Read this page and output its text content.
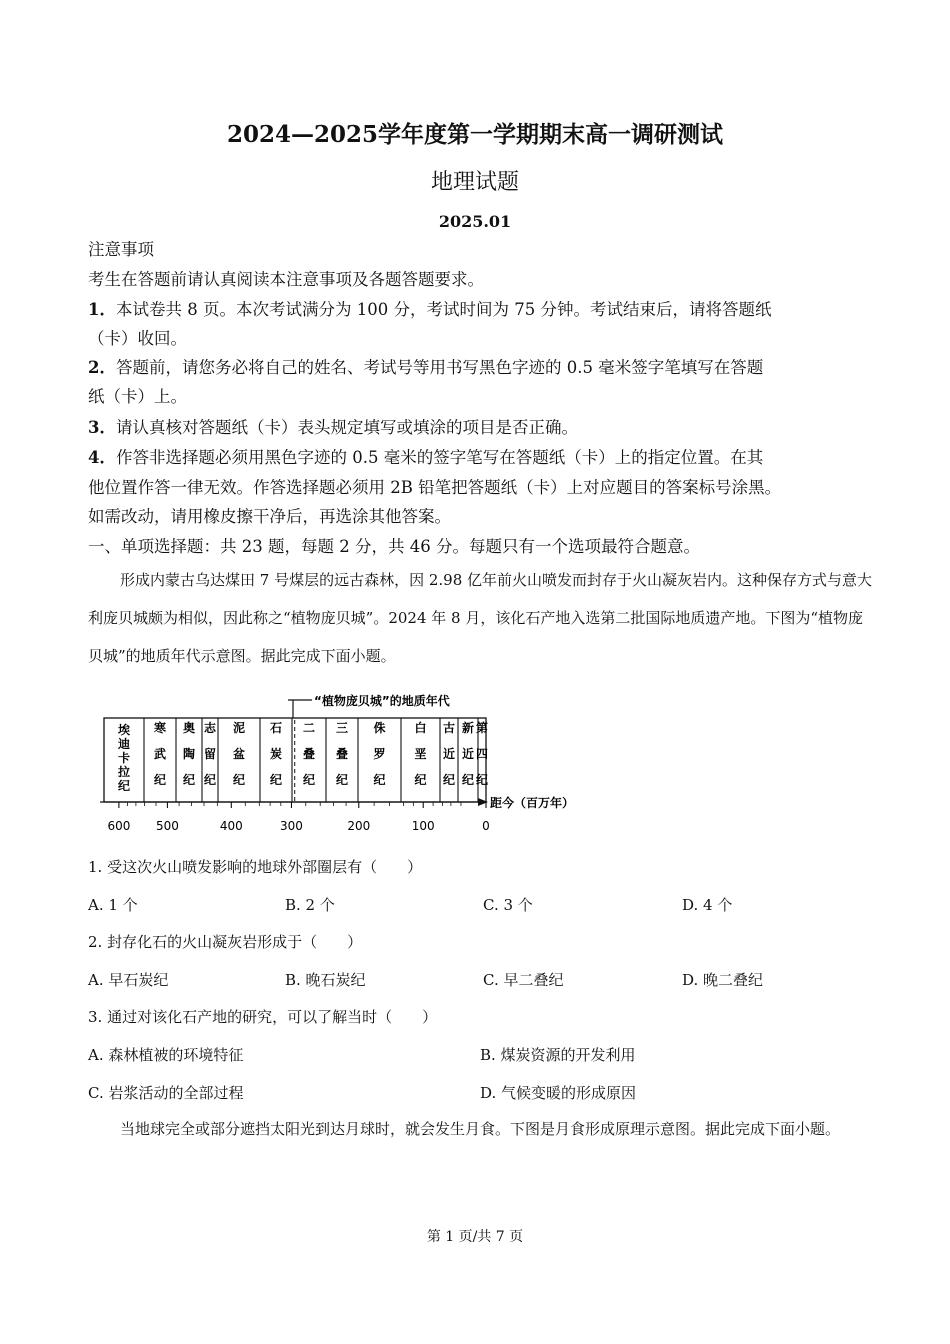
2024—2025学年度第一学期期末高一调研测试
地理试题
2025.01
注意事项
考生在答题前请认真阅读本注意事项及各题答题要求。
1．本试卷共 8 页。本次考试满分为 100 分，考试时间为 75 分钟。考试结束后，请将答题纸
（卡）收回。
2．答题前，请您务必将自己的姓名、考试号等用书写黑色字迹的 0.5 毫米签字笔填写在答题
纸（卡）上。
3．请认真核对答题纸（卡）表头规定填写或填涂的项目是否正确。
4．作答非选择题必须用黑色字迹的 0.5 毫米的签字笔写在答题纸（卡）上的指定位置。在其
他位置作答一律无效。作答选择题必须用 2B 铅笔把答题纸（卡）上对应题目的答案标号涂黑。
如需改动，请用橡皮擦干净后，再选涂其他答案。
一、单项选择题：共 23 题，每题 2 分，共 46 分。每题只有一个选项最符合题意。
形成内蒙古乌达煤田 7 号煤层的远古森林，因 2.98 亿年前火山喷发而封存于火山凝灰岩内。这种保存方式与意大利庞贝城颇为相似，因此称之“植物庞贝城”。2024 年 8 月，该化石产地入选第二批国际地质遗产地。下图为“植物庞贝城”的地质年代示意图。据此完成下面小题。
“植物庞贝城”的地质年代
埃
迪
卡
拉
纪
寒
武
纪
奥
陶
纪
志
留
纪
泥
盆
纪
石
炭
纪
二
叠
纪
三
叠
纪
侏
罗
纪
白
垩
纪
古
近
纪
新
近
纪
第
四
纪
距今（百万年）
600 500	400	300	200	100	0
1. 受这次火山喷发影响的地球外部圈层有（　　）
A. 1 个	B. 2 个	C. 3 个	D. 4 个
2. 封存化石的火山凝灰岩形成于（　　）
A. 早石炭纪	B. 晚石炭纪	C. 早二叠纪	D. 晚二叠纪
3. 通过对该化石产地的研究，可以了解当时（　　）
A. 森林植被的环境特征	B. 煤炭资源的开发利用
C. 岩浆活动的全部过程	D. 气候变暖的形成原因
当地球完全或部分遮挡太阳光到达月球时，就会发生月食。下图是月食形成原理示意图。据此完成下面小题。
第 1 页/共 7 页
